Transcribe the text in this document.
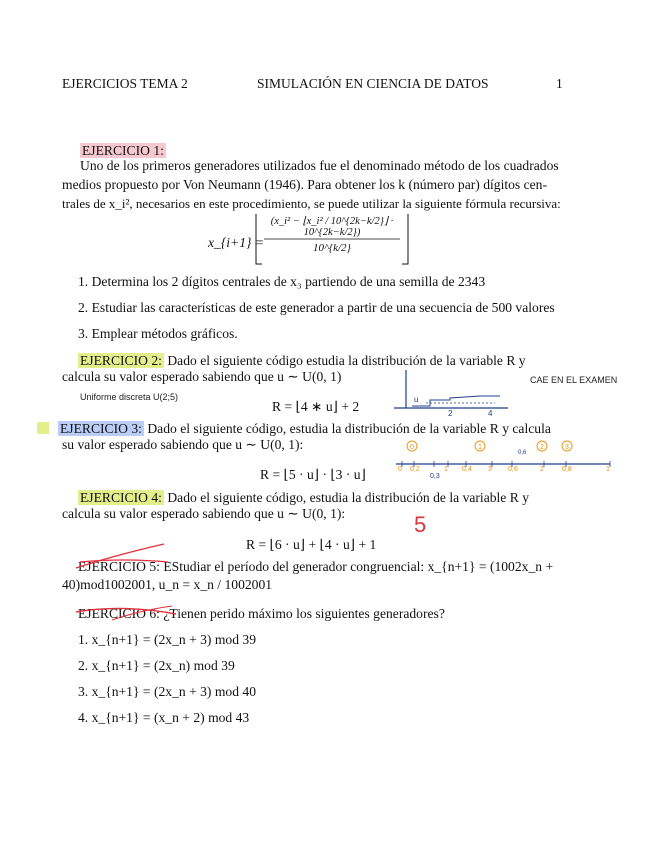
EJERCICIOS TEMA 2	SIMULACIÓN EN CIENCIA DE DATOS	1
EJERCICIO 1:
Uno de los primeros generadores utilizados fue el denominado método de los cuadrados
medios propuesto por Von Neumann (1946). Para obtener los k (número par) dígitos cen-
trales de x_i², necesarios en este procedimiento, se puede utilizar la siguiente fórmula recursiva:
x_{i+1} =
(x_i² − ⌊x_i² / 10^{2k−k/2}⌋ · 10^{2k−k/2})
10^{k/2}
1. Determina los 2 dígitos centrales de x₃ partiendo de una semilla de 2343
2. Estudiar las características de este generador a partir de una secuencia de 500 valores
3. Emplear métodos gráficos.
EJERCICIO 2: Dado el siguiente código estudia la distribución de la variable R y
calcula su valor esperado sabiendo que u ∼ U(0, 1)
Uniforme discreta U(2;5)
R = ⌊4 ∗ u⌋ + 2
CAE EN EL EXAMEN
u
2	4
EJERCICIO 3: Dado el siguiente código, estudia la distribución de la variable R y calcula
su valor esperado sabiendo que u ∼ U(0, 1):
R = ⌊5 · u⌋ · ⌊3 · u⌋
0	1	2	3
0,6
0 0,2
0,3
1 0,4 3 0,6	2	0,8	1
EJERCICIO 4: Dado el siguiente código, estudia la distribución de la variable R y
calcula su valor esperado sabiendo que u ∼ U(0, 1):	5
R = ⌊6 · u⌋ + ⌊4 · u⌋ + 1
EJERCICIO 5: EStudiar el período del generador congruencial: x_{n+1} = (1002x_n +
40)mod1002001, u_n = x_n / 1002001
EJERCICIO 6: ¿Tienen perido máximo los siguientes generadores?
1. x_{n+1} = (2x_n + 3) mod 39
2. x_{n+1} = (2x_n) mod 39
3. x_{n+1} = (2x_n + 3) mod 40
4. x_{n+1} = (x_n + 2) mod 43
